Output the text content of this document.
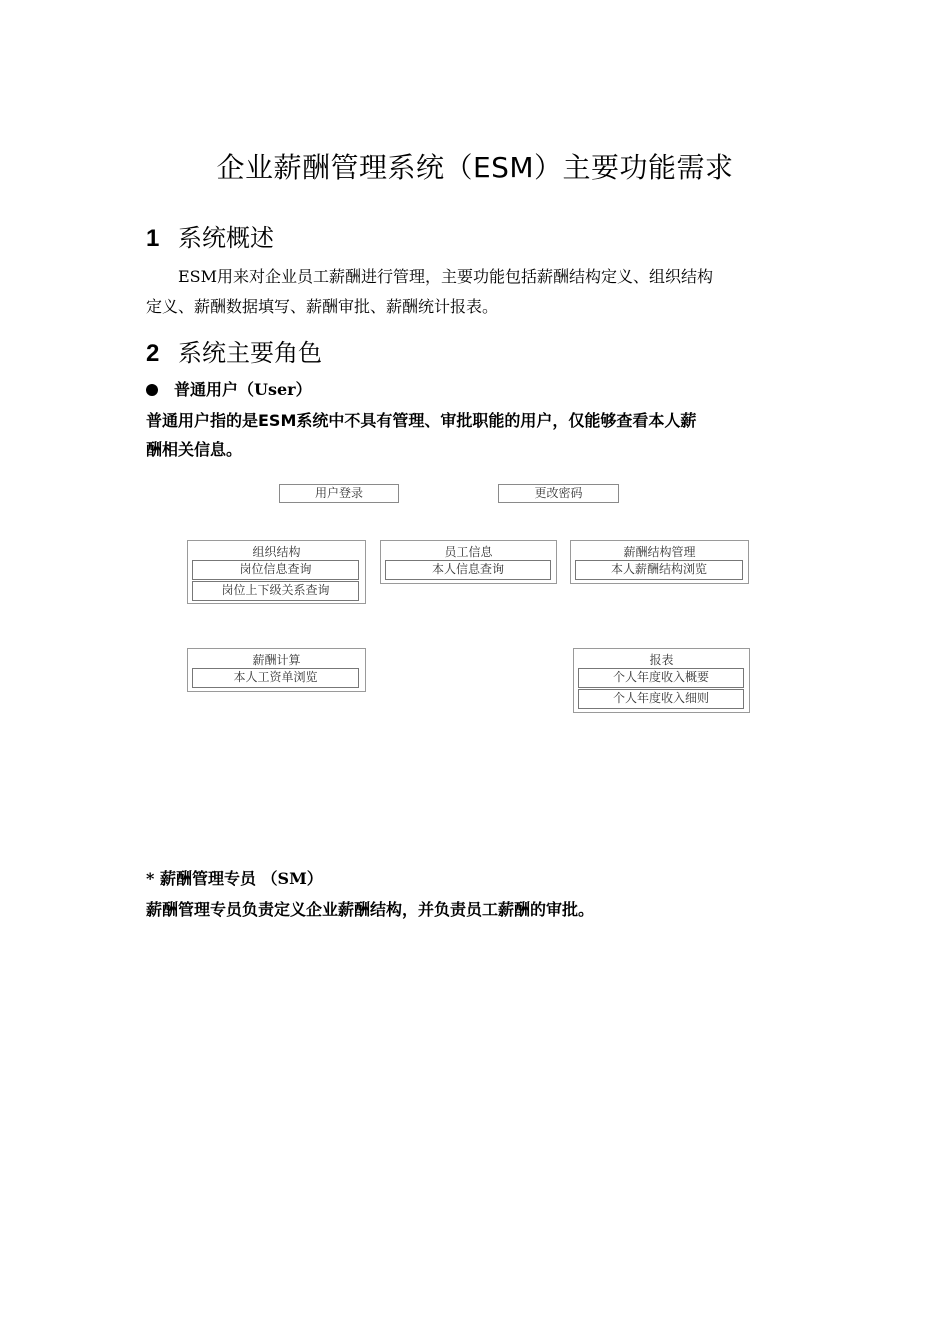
企业薪酬管理系统（ESM）主要功能需求
1 系统概述
ESM用来对企业员工薪酬进行管理，主要功能包括薪酬结构定义、组织结构
定义、薪酬数据填写、薪酬审批、薪酬统计报表。
2 系统主要角色
普通用户（User）
普通用户指的是ESM系统中不具有管理、审批职能的用户，仅能够查看本人薪
酬相关信息。
用户登录	更改密码
组织结构
岗位信息查询
岗位上下级关系查询
员工信息
本人信息查询
薪酬结构管理
本人薪酬结构浏览
薪酬计算
本人工资单浏览
报表
个人年度收入概要
个人年度收入细则
* 薪酬管理专员 （SM）
薪酬管理专员负责定义企业薪酬结构，并负责员工薪酬的审批。
